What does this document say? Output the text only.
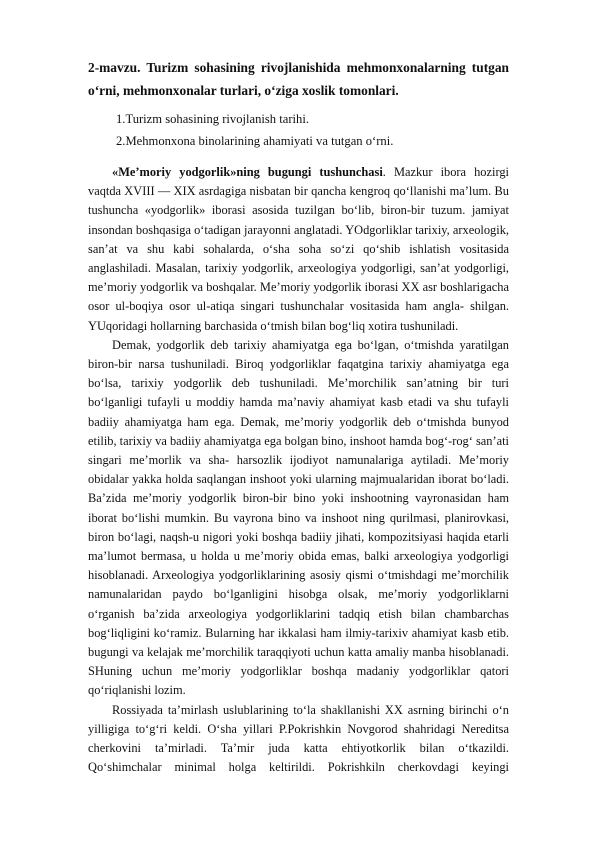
2-mavzu. Turizm sohasining rivojlanishida mehmonxonalarning tutgan o‘rni, mehmonxonalar turlari, o‘ziga xoslik tomonlari.

1.Turizm sohasining rivojlanish tarihi.
2.Mehmonxona binolarining ahamiyati va tutgan o‘rni.

«Me’moriy yodgorlik»ning bugungi tushunchasi. Mazkur ibora hozirgi vaqtda XVIII — XIX asrdagiga nisbatan bir qancha kengroq qo‘llanishi ma’lum. Bu tushuncha «yodgorlik» iborasi asosida tuzilgan bo‘lib, biron-bir tuzum. jamiyat insondan boshqasiga o‘tadigan jarayonni anglatadi. YOdgorliklar tarixiy, arxeologik, san’at va shu kabi sohalarda, o‘sha soha so‘zi qo‘shib ishlatish vositasida anglashiladi. Masalan, tarixiy yodgorlik, arxeologiya yodgorligi, san’at yodgorligi, me’moriy yodgorlik va boshqalar. Me’moriy yodgorlik iborasi XX asr boshlarigacha osor ul-boqiya osor ul-atiqa singari tushunchalar vositasida ham angla- shilgan. YUqoridagi hollarning barchasida o‘tmish bilan bog‘liq xotira tushuniladi.

Demak, yodgorlik deb tarixiy ahamiyatga ega bo‘lgan, o‘tmishda yaratilgan biron-bir narsa tushuniladi. Biroq yodgorliklar faqatgina tarixiy ahamiyatga ega bo‘lsa, tarixiy yodgorlik deb tushuniladi. Me’morchilik san’atning bir turi bo‘lganligi tufayli u moddiy hamda ma’naviy ahamiyat kasb etadi va shu tufayli badiiy ahamiyatga ham ega. Demak, me’moriy yodgorlik deb o‘tmishda bunyod etilib, tarixiy va badiiy ahamiyatga ega bolgan bino, inshoot hamda bog‘-rog‘ san’ati singari me’morlik va sha- harsozlik ijodiyot namunalariga aytiladi. Me’moriy obidalar yakka holda saqlangan inshoot yoki ularning majmualaridan iborat bo‘ladi. Ba’zida me’moriy yodgorlik biron-bir bino yoki inshootning vayronasidan ham iborat bo‘lishi mumkin. Bu vayrona bino va inshoot ning qurilmasi, planirovkasi, biron bo‘lagi, naqsh-u nigori yoki boshqa badiiy jihati, kompozitsiyasi haqida etarli ma’lumot bermasa, u holda u me’moriy obida emas, balki arxeologiya yodgorligi hisoblanadi. Arxeologiya yodgorliklarining asosiy qismi o‘tmishdagi me’morchilik namunalaridan paydo bo‘lganligini hisobga olsak, me’moriy yodgorliklarni o‘rganish ba’zida arxeologiya yodgorliklarini tadqiq etish bilan chambarchas bog‘liqligini ko‘ramiz. Bularning har ikkalasi ham ilmiy-tarixiv ahamiyat kasb etib. bugungi va kelajak me’morchilik taraqqiyoti uchun katta amaliy manba hisoblanadi. SHuning uchun me’moriy yodgorliklar boshqa madaniy yodgorliklar qatori qo‘riqlanishi lozim.

Rossiyada ta’mirlash uslublarining to‘la shakllanishi XX asrning birinchi o‘n yilligiga to‘g‘ri keldi. O‘sha yillari P.Pokrishkin Novgorod shahridagi Nereditsa cherkovini ta’mirladi. Ta’mir juda katta ehtiyotkorlik bilan o‘tkazildi. Qo‘shimchalar minimal holga keltirildi. Pokrishkiln cherkovdagi keyingi
